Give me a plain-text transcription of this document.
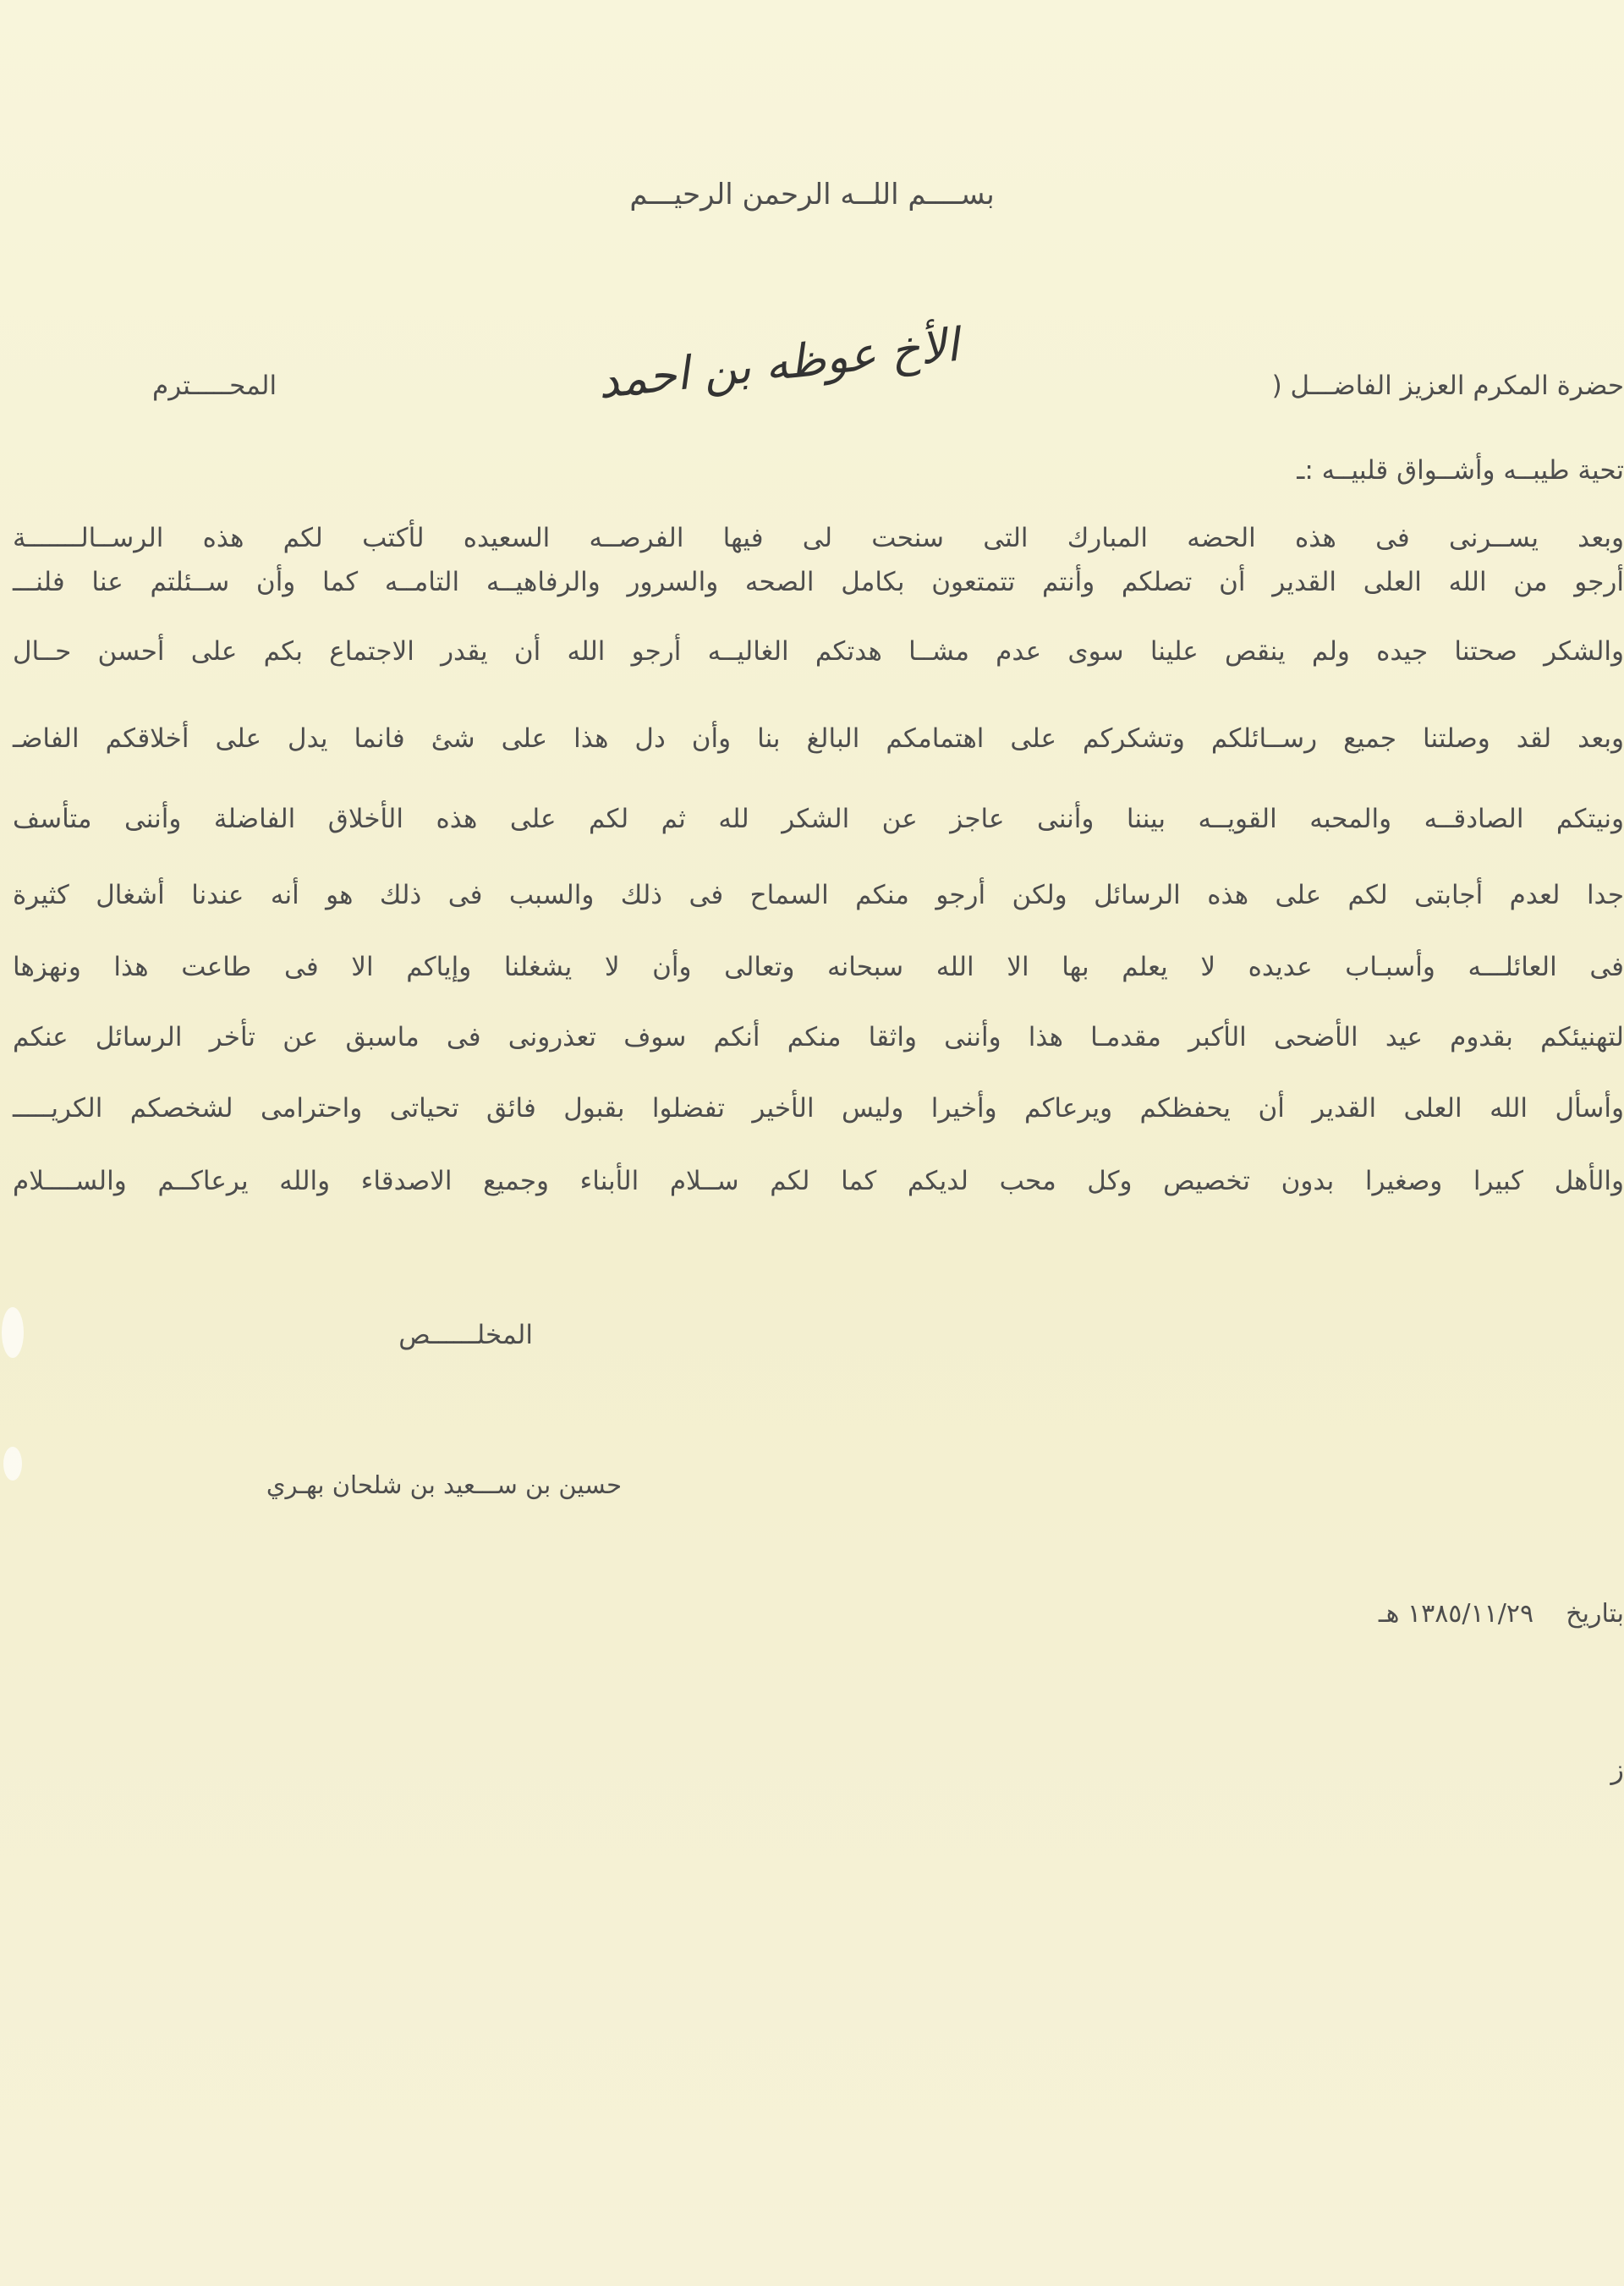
بســــم اللــه الرحمن الرحيـــم
الأخ عوظه بن احمد	حضرة المكرم العزيز الفاضـــل (
المحـــــترم
تحية طيبــه وأشــواق قلبيــه :ـ
وبعد يســرنى فى هذه الحضه المبارك التى سنحت لى فيها الفرصــه السعيده لأكتب لكم هذه الرســالـــــــة
أرجو من الله العلى القدير أن تصلكم وأنتم تتمتعون بكامل الصحه والسرور والرفاهيــه التامــه كما وأن ســئلتم عنا فلنـــ
والشكر صحتنا جيده ولم ينقص علينا سوى عدم مشــا هدتكم الغاليــه أرجو الله أن يقدر الاجتماع بكم على أحسن حــال
وبعد لقد وصلتنا جميع رســائلكم وتشكركم على اهتمامكم البالغ بنا وأن دل هذا على شئ فانما يدل على أخلاقكم الفاضـ
ونيتكم الصادقــه والمحبه القويــه بيننا وأننى عاجز عن الشكر لله ثم لكم على هذه الأخلاق الفاضلة وأننى متأسف
جدا لعدم أجابتى لكم على هذه الرسائل ولكن أرجو منكم السماح فى ذلك والسبب فى ذلك هو أنه عندنا أشغال كثيرة
فى العائلـــه وأسبـاب عديده لا يعلم بها الا الله سبحانه وتعالى وأن لا يشغلنا وإياكم الا فى طاعت هذا ونهزها
لتهنيئكم بقدوم عيد الأضحى الأكبر مقدمـا هذا وأننى واثقا منكم أنكم سوف تعذرونى فى ماسبق عن تأخر الرسائل عنكم
وأسأل الله العلى القدير أن يحفظكم ويرعاكم وأخيرا وليس الأخير تفضلوا بقبول فائق تحياتى واحترامى لشخصكم الكريـــــ
والأهل كبيرا وصغيرا بدون تخصيص وكل محب لديكم كما لكم ســلام الأبناء وجميع الاصدقاء والله يرعاكــم والســــلام
المخلــــــص
حسين بن ســـعيد بن شلحان بهـري
بتاريخ    ١٣٨٥/١١/٢٩ هـ
ز
